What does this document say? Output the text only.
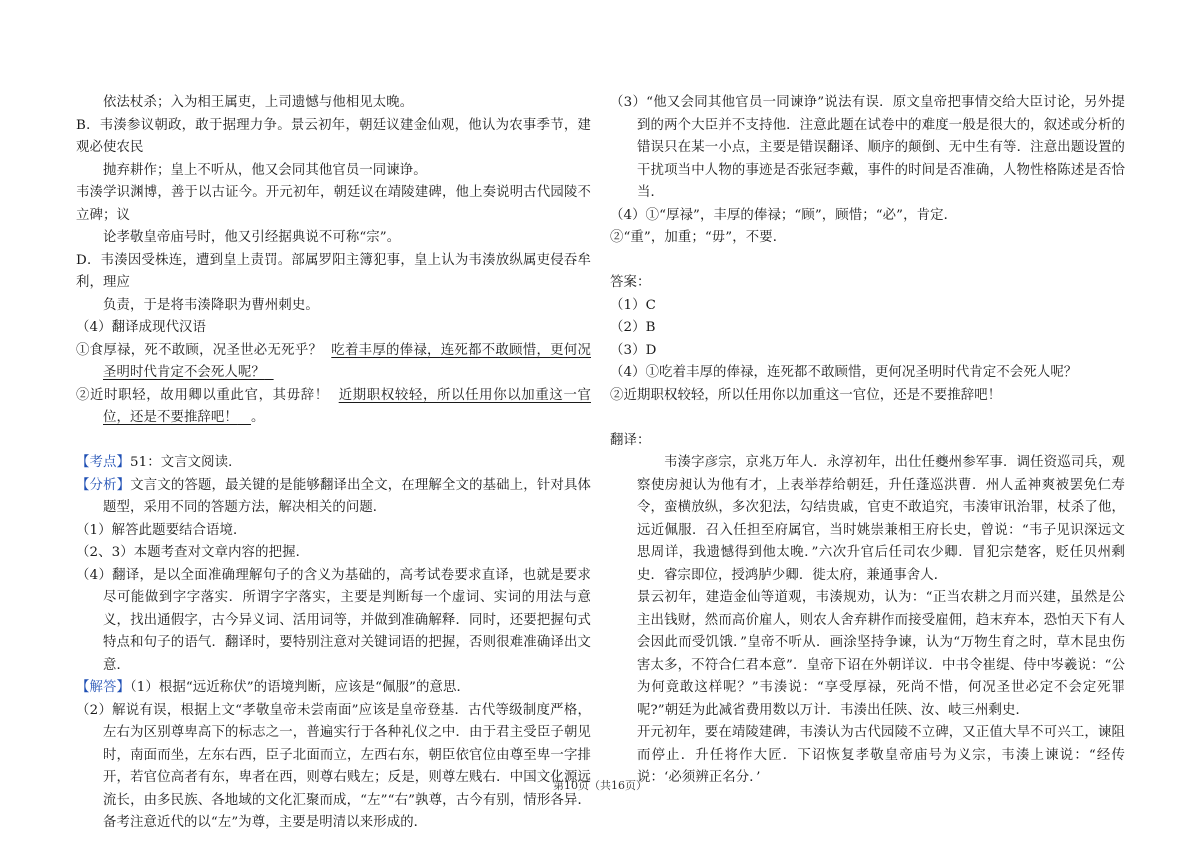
依法杖杀；入为相王属吏，上司遗憾与他相见太晚。

B．韦湊参议朝政，敢于据理力争。景云初年，朝廷议建金仙观，他认为农事季节，建观必使农民

抛弃耕作；皇上不听从，他又会同其他官员一同谏诤。

韦湊学识渊博，善于以古证今。开元初年，朝廷议在靖陵建碑，他上奏说明古代园陵不立碑；议

论孝敬皇帝庙号时，他又引经据典说不可称“宗”。

D．韦湊因受株连，遭到皇上责罚。部属罗阳主簿犯事，皇上认为韦湊放纵属吏侵吞牟利，理应

负责，于是将韦湊降职为曹州刺史。

（4）翻译成现代汉语

①食厚禄，死不敢顾，况圣世必无死乎？ 吃着丰厚的俸禄，连死都不敢顾惜，更何况圣明时代肯定不会死人呢？

②近时职轻，故用卿以重此官，其毋辞！ 近期职权较轻，所以任用你以加重这一官位，还是不要推辞吧！ 。

【考点】51：文言文阅读．

【分析】文言文的答题，最关键的是能够翻译出全文，在理解全文的基础上，针对具体题型，采用不同的答题方法，解决相关的问题．

（1）解答此题要结合语境．

（2、3）本题考查对文章内容的把握．

（4）翻译，是以全面准确理解句子的含义为基础的，高考试卷要求直译，也就是要求尽可能做到字字落实．所谓字字落实，主要是判断每一个虚词、实词的用法与意义，找出通假字，古今异义词、活用词等，并做到准确解释．同时，还要把握句式特点和句子的语气．翻译时，要特别注意对关键词语的把握，否则很难准确译出文意．

【解答】（1）根据“远近称伏”的语境判断，应该是“佩服”的意思．

（2）解说有误，根据上文“孝敬皇帝未尝南面”应该是皇帝登基．古代等级制度严格，左右为区别尊卑高下的标志之一，普遍实行于各种礼仪之中．由于君主受臣子朝见时，南面而坐，左东右西，臣子北面而立，左西右东，朝臣依官位由尊至卑一字排开，若官位高者有东，卑者在西，则尊右贱左；反是，则尊左贱右．中国文化源远流长，由多民族、各地域的文化汇聚而成，“左”“右”孰尊，古今有别，情形各异．备考注意近代的以“左”为尊，主要是明清以来形成的．

（3）“他又会同其他官员一同谏诤”说法有误．原文皇帝把事情交给大臣讨论，另外提到的两个大臣并不支持他．注意此题在试卷中的难度一般是很大的，叙述或分析的错误只在某一小点，主要是错误翻译、顺序的颠倒、无中生有等．注意出题设置的干扰项当中人物的事迹是否张冠李戴，事件的时间是否准确，人物性格陈述是否恰当．

（4）①“厚禄”，丰厚的俸禄；“顾”，顾惜；“必”，肯定．

②“重”，加重；“毋”，不要．

答案：

（1）C

（2）B

（3）D

（4）①吃着丰厚的俸禄，连死都不敢顾惜，更何况圣明时代肯定不会死人呢？

②近期职权较轻，所以任用你以加重这一官位，还是不要推辞吧！

翻译：

韦湊字彦宗，京兆万年人．永淳初年，出仕任夔州参军事．调任资巡司兵，观察使房昶认为他有才，上表举荐给朝廷，升任蓬巡洪曹．州人孟神爽被罢免仁寿令，蛮横放纵，多次犯法，勾结贵戚，官吏不敢追究，韦湊审讯治罪，杖杀了他，远近佩服．召入任担至府属官，当时姚崇兼相王府长史，曾说：“韦子见识深远文思周详，我遗憾得到他太晚．”六次升官后任司农少卿．冒犯宗楚客，贬任贝州剩史．睿宗即位，授鸿胪少卿．徙太府，兼通事舍人．

景云初年，建造金仙等道观，韦湊规劝，认为：“正当农耕之月而兴建，虽然是公主出钱财，然而高价雇人，则农人舍弃耕作而接受雇佣，趋末弃本，恐怕天下有人会因此而受饥饿．”皇帝不听从．画涂坚持争谏，认为“万物生育之时，草木昆虫伤害太多，不符合仁君本意”．皇帝下诏在外朝详议．中书令崔缇、侍中岑羲说：“公为何竟敢这样呢？”韦湊说：“享受厚禄，死尚不惜，何况圣世必定不会定死罪呢?”朝廷为此减省费用数以万计．韦湊出任陕、汝、岐三州剩史．

开元初年，要在靖陵建碑，韦湊认为古代园陵不立碑，又正值大旱不可兴工，谏阻而停止．升任将作大匠．下诏恢复孝敬皇帝庙号为义宗，韦湊上谏说：“经传说：‘必须辨正名分．’

第10页（共16页）
